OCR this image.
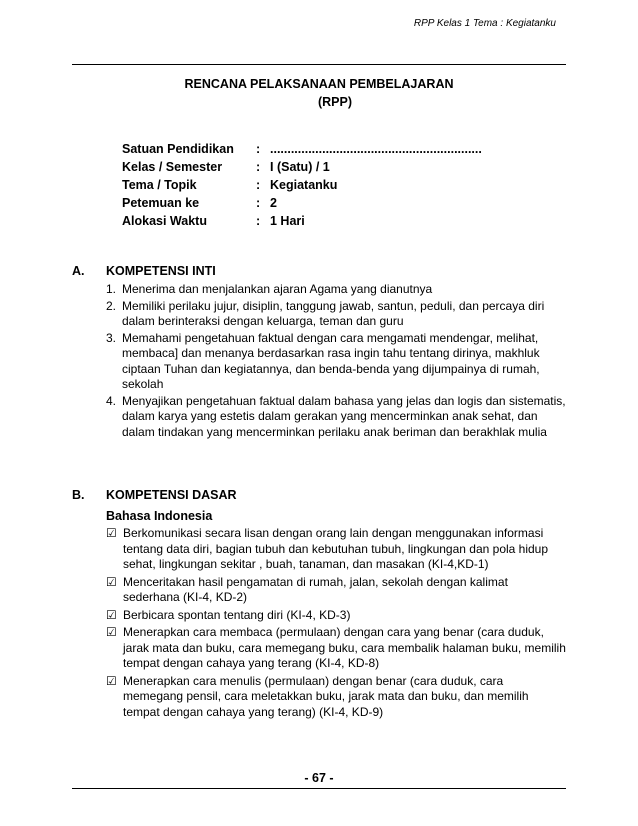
RPP Kelas 1 Tema : Kegiatanku
RENCANA PELAKSANAAN PEMBELAJARAN
(RPP)
Satuan Pendidikan	: .............................................................
Kelas / Semester	: I (Satu) / 1
Tema / Topik	: Kegiatanku
Petemuan ke	: 2
Alokasi Waktu	: 1 Hari
A.	KOMPETENSI INTI
1. Menerima dan menjalankan ajaran Agama yang dianutnya
2. Memiliki perilaku jujur, disiplin, tanggung jawab, santun, peduli, dan percaya diri dalam berinteraksi dengan keluarga, teman dan guru
3. Memahami pengetahuan faktual dengan cara mengamati mendengar, melihat, membaca] dan menanya berdasarkan rasa ingin tahu tentang dirinya, makhluk ciptaan Tuhan dan kegiatannya, dan benda-benda yang dijumpainya di rumah, sekolah
4. Menyajikan pengetahuan faktual dalam bahasa yang jelas dan logis dan sistematis, dalam karya yang estetis dalam gerakan yang mencerminkan anak sehat, dan dalam tindakan yang mencerminkan perilaku anak beriman dan berakhlak mulia
B.	KOMPETENSI DASAR
Bahasa Indonesia
☑ Berkomunikasi secara lisan dengan orang lain dengan menggunakan informasi tentang data diri, bagian tubuh dan kebutuhan tubuh, lingkungan dan pola hidup sehat, lingkungan sekitar , buah, tanaman, dan masakan (KI-4,KD-1)
☑ Menceritakan hasil pengamatan di rumah, jalan, sekolah dengan kalimat sederhana (KI-4, KD-2)
☑ Berbicara spontan tentang diri (KI-4, KD-3)
☑ Menerapkan cara membaca (permulaan) dengan cara yang benar (cara duduk, jarak mata dan buku, cara memegang buku, cara membalik halaman buku, memilih tempat dengan cahaya yang terang (KI-4, KD-8)
☑ Menerapkan cara menulis (permulaan) dengan benar (cara duduk, cara memegang pensil, cara meletakkan buku, jarak mata dan buku, dan memilih tempat dengan cahaya yang terang) (KI-4, KD-9)
- 67 -
